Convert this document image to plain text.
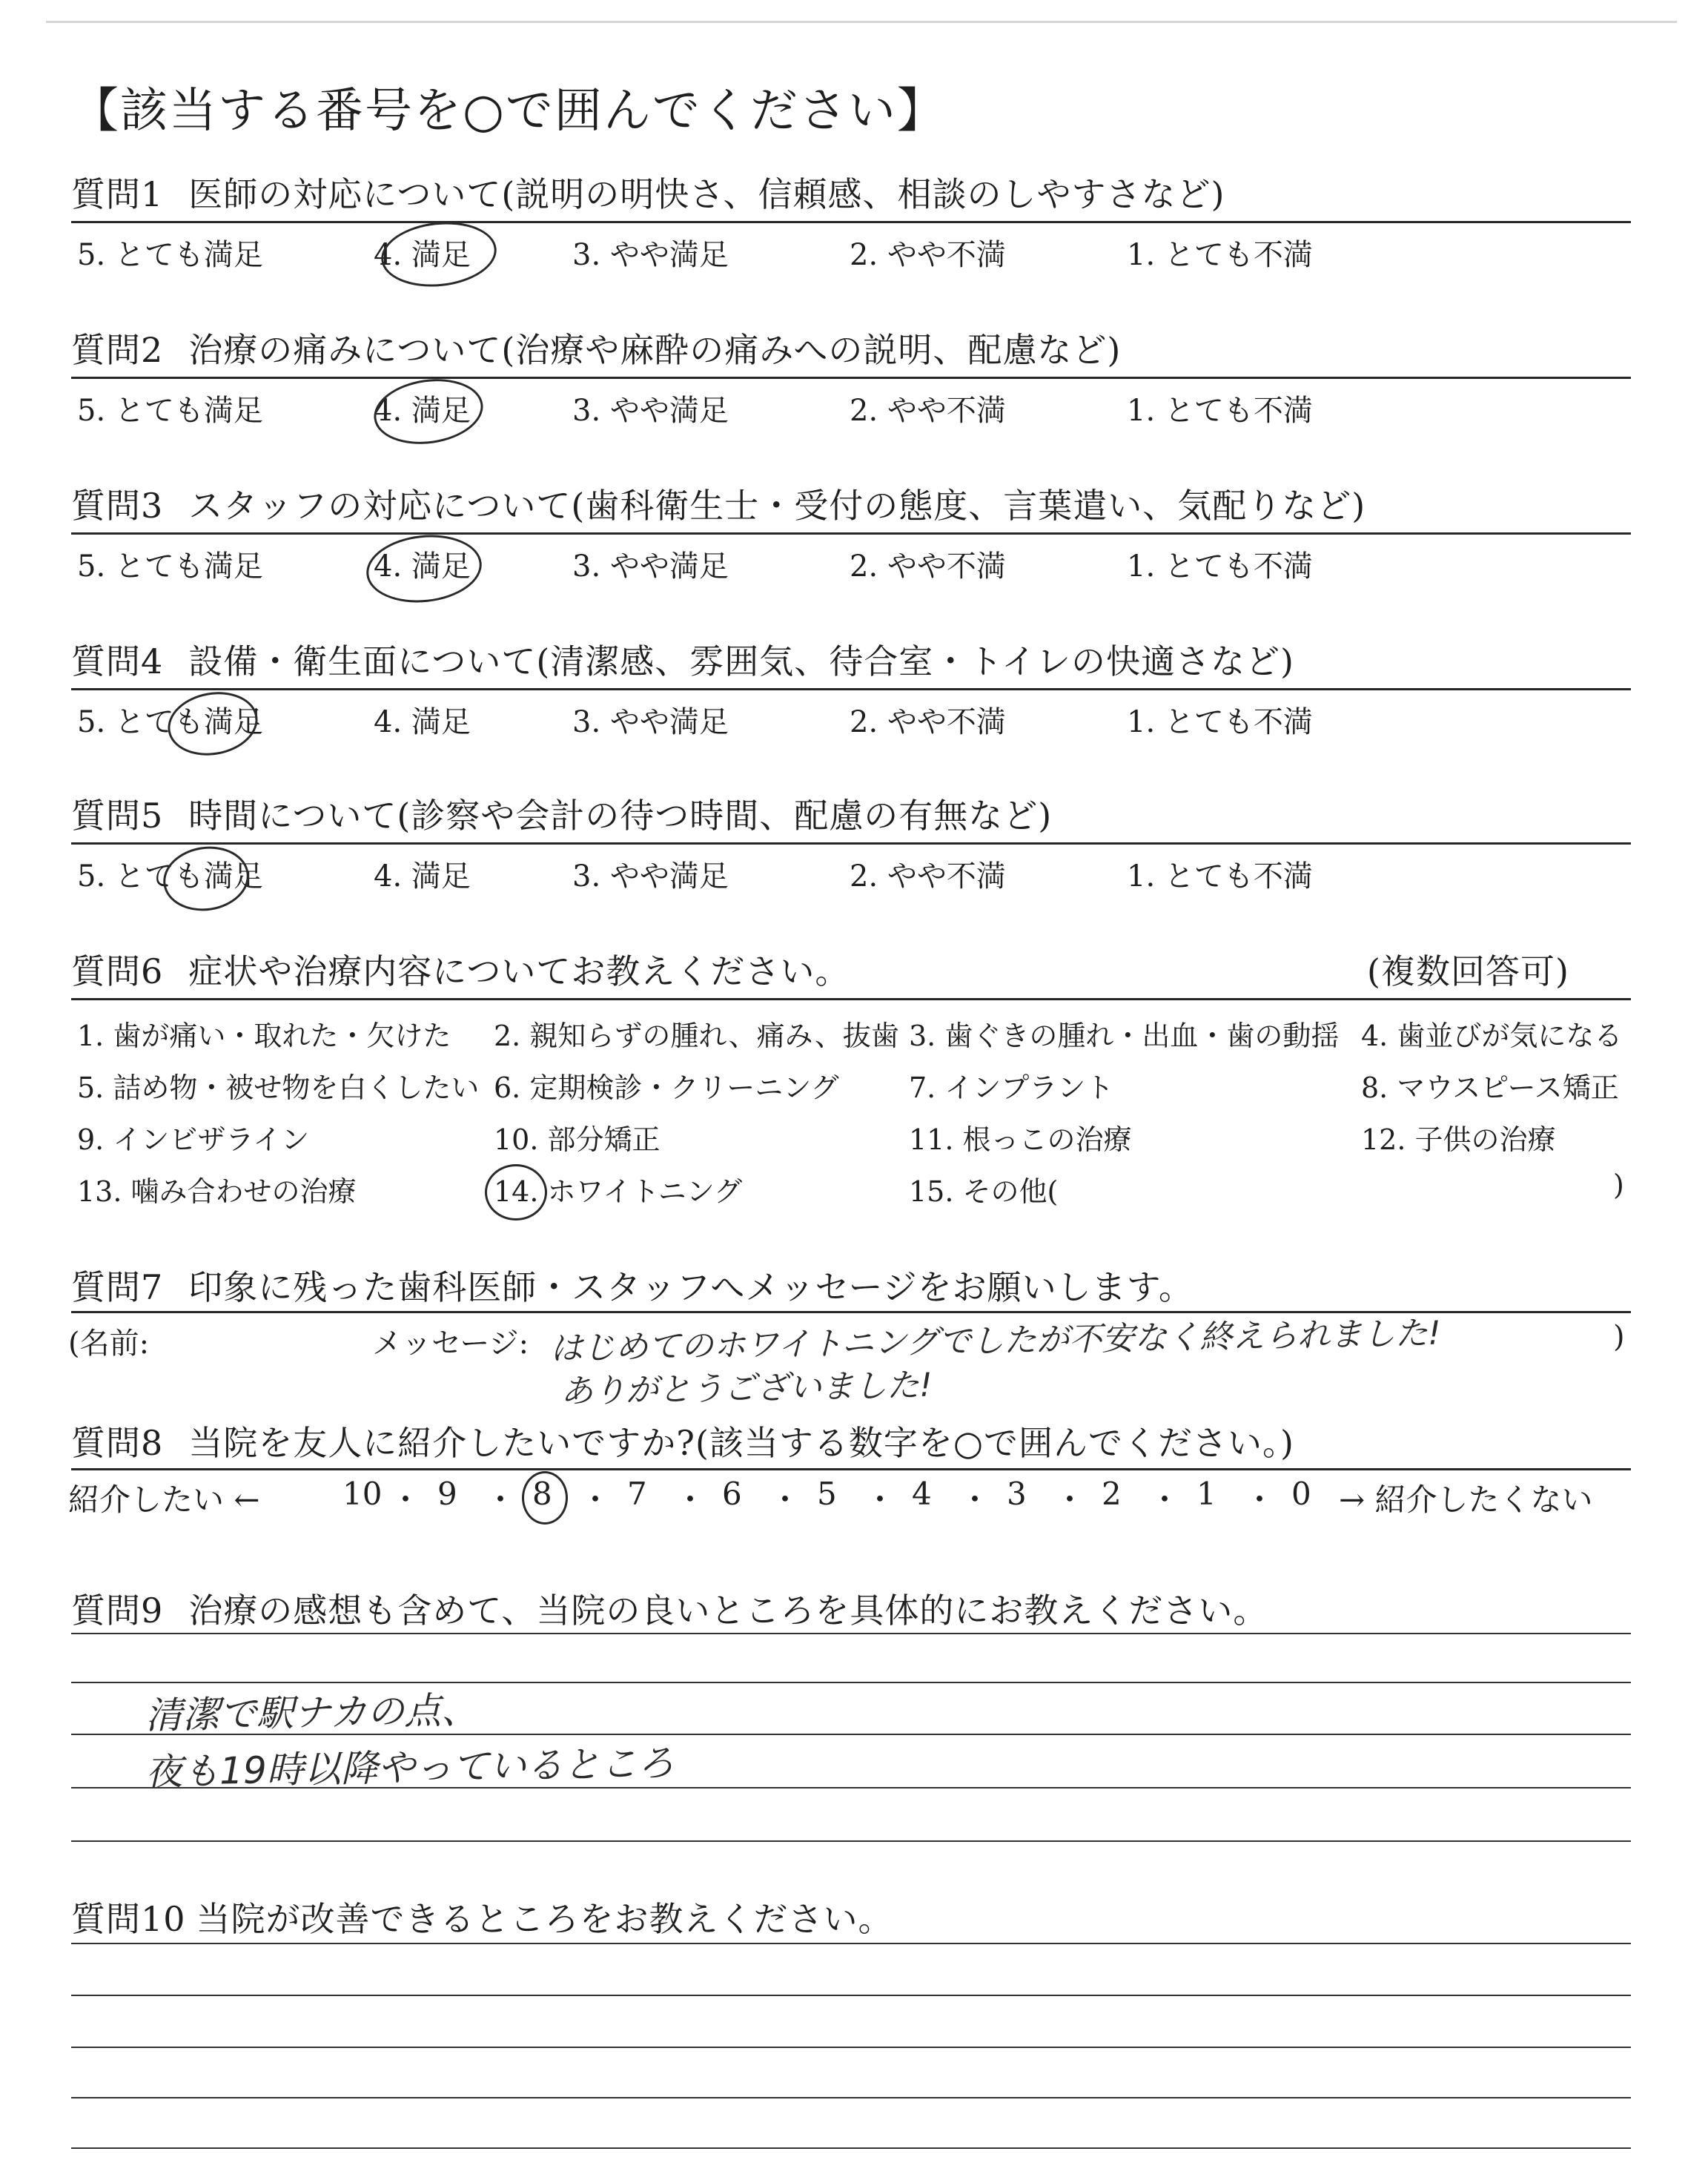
【該当する番号を○で囲んでください】
質問1 医師の対応について(説明の明快さ、信頼感、相談のしやすさなど)
5. とても満足	4. 満足	3. やや満足	2. やや不満	1. とても不満
質問2 治療の痛みについて(治療や麻酔の痛みへの説明、配慮など)
5. とても満足	4. 満足	3. やや満足	2. やや不満	1. とても不満
質問3 スタッフの対応について(歯科衛生士・受付の態度、言葉遣い、気配りなど)
5. とても満足	4. 満足	3. やや満足	2. やや不満	1. とても不満
質問4 設備・衛生面について(清潔感、雰囲気、待合室・トイレの快適さなど)
5. とても満足	4. 満足	3. やや満足	2. やや不満	1. とても不満
質問5 時間について(診察や会計の待つ時間、配慮の有無など)
5. とても満足	4. 満足	3. やや満足	2. やや不満	1. とても不満
質問6 症状や治療内容についてお教えください。	(複数回答可)
1. 歯が痛い・取れた・欠けた 2. 親知らずの腫れ、痛み、抜歯 3. 歯ぐきの腫れ・出血・歯の動揺 4. 歯並びが気になる
5. 詰め物・被せ物を白くしたい 6. 定期検診・クリーニング 7. インプラント	8. マウスピース矯正
9. インビザライン	10. 部分矯正	11. 根っこの治療	12. 子供の治療
13. 噛み合わせの治療	14. ホワイトニング	15. その他(	)
質問7 印象に残った歯科医師・スタッフへメッセージをお願いします。
(名前:	メッセージ: はじめてのホワイトニングでしたが不安なく終えられました!
ありがとうございました!
)
質問8 当院を友人に紹介したいですか?(該当する数字を○で囲んでください。)
紹介したい ←	→ 紹介したくない
10 ・ 9 ・ 8 ・ 7 ・ 6 ・ 5 ・ 4 ・ 3 ・ 2 ・ 1 ・ 0
質問9 治療の感想も含めて、当院の良いところを具体的にお教えください。
清潔で駅ナカの点、
夜も19時以降やっているところ
質問10 当院が改善できるところをお教えください。
